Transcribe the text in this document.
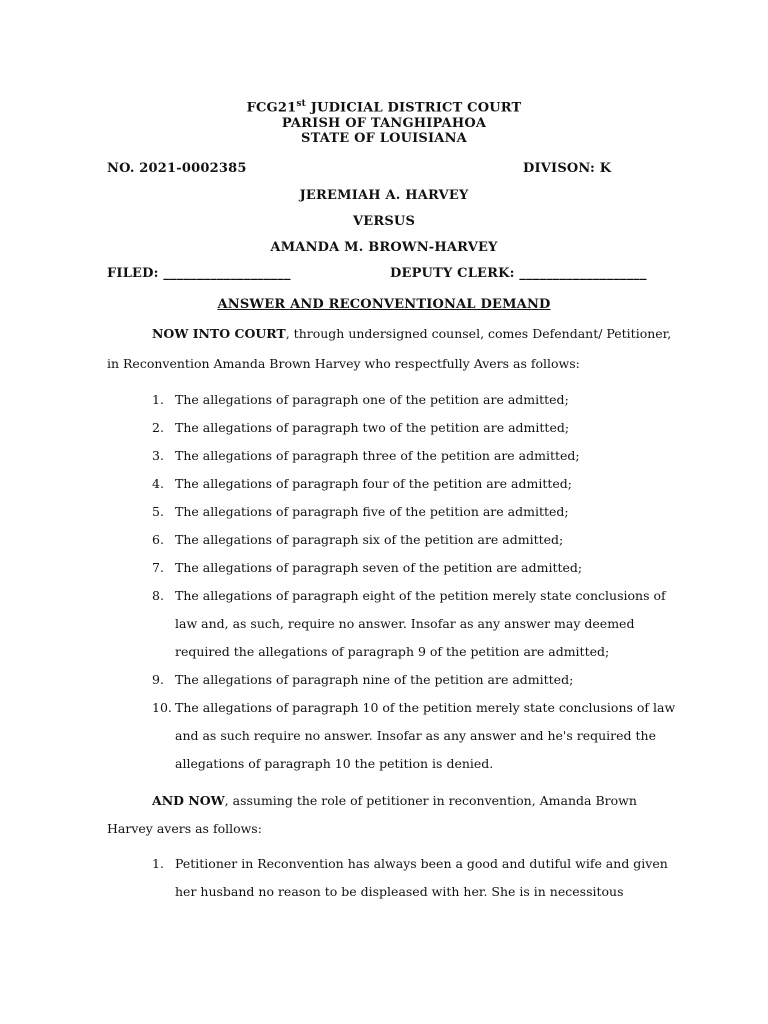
FCG21st JUDICIAL DISTRICT COURT
PARISH OF TANGHIPAHOA
STATE OF LOUISIANA
NO. 2021-0002385	DIVISON: K
JEREMIAH A. HARVEY
VERSUS
AMANDA M. BROWN-HARVEY
FILED: ___________________	DEPUTY CLERK: ___________________
ANSWER AND RECONVENTIONAL DEMAND
NOW INTO COURT, through undersigned counsel, comes Defendant/ Petitioner,
in Reconvention Amanda Brown Harvey who respectfully Avers as follows:
1. The allegations of paragraph one of the petition are admitted;
2. The allegations of paragraph two of the petition are admitted;
3. The allegations of paragraph three of the petition are admitted;
4. The allegations of paragraph four of the petition are admitted;
5. The allegations of paragraph five of the petition are admitted;
6. The allegations of paragraph six of the petition are admitted;
7. The allegations of paragraph seven of the petition are admitted;
8. The allegations of paragraph eight of the petition merely state conclusions of
law and, as such, require no answer. Insofar as any answer may deemed
required the allegations of paragraph 9 of the petition are admitted;
9. The allegations of paragraph nine of the petition are admitted;
10. The allegations of paragraph 10 of the petition merely state conclusions of law
and as such require no answer. Insofar as any answer and he's required the
allegations of paragraph 10 the petition is denied.
AND NOW, assuming the role of petitioner in reconvention, Amanda Brown
Harvey avers as follows:
1. Petitioner in Reconvention has always been a good and dutiful wife and given
her husband no reason to be displeased with her. She is in necessitous
